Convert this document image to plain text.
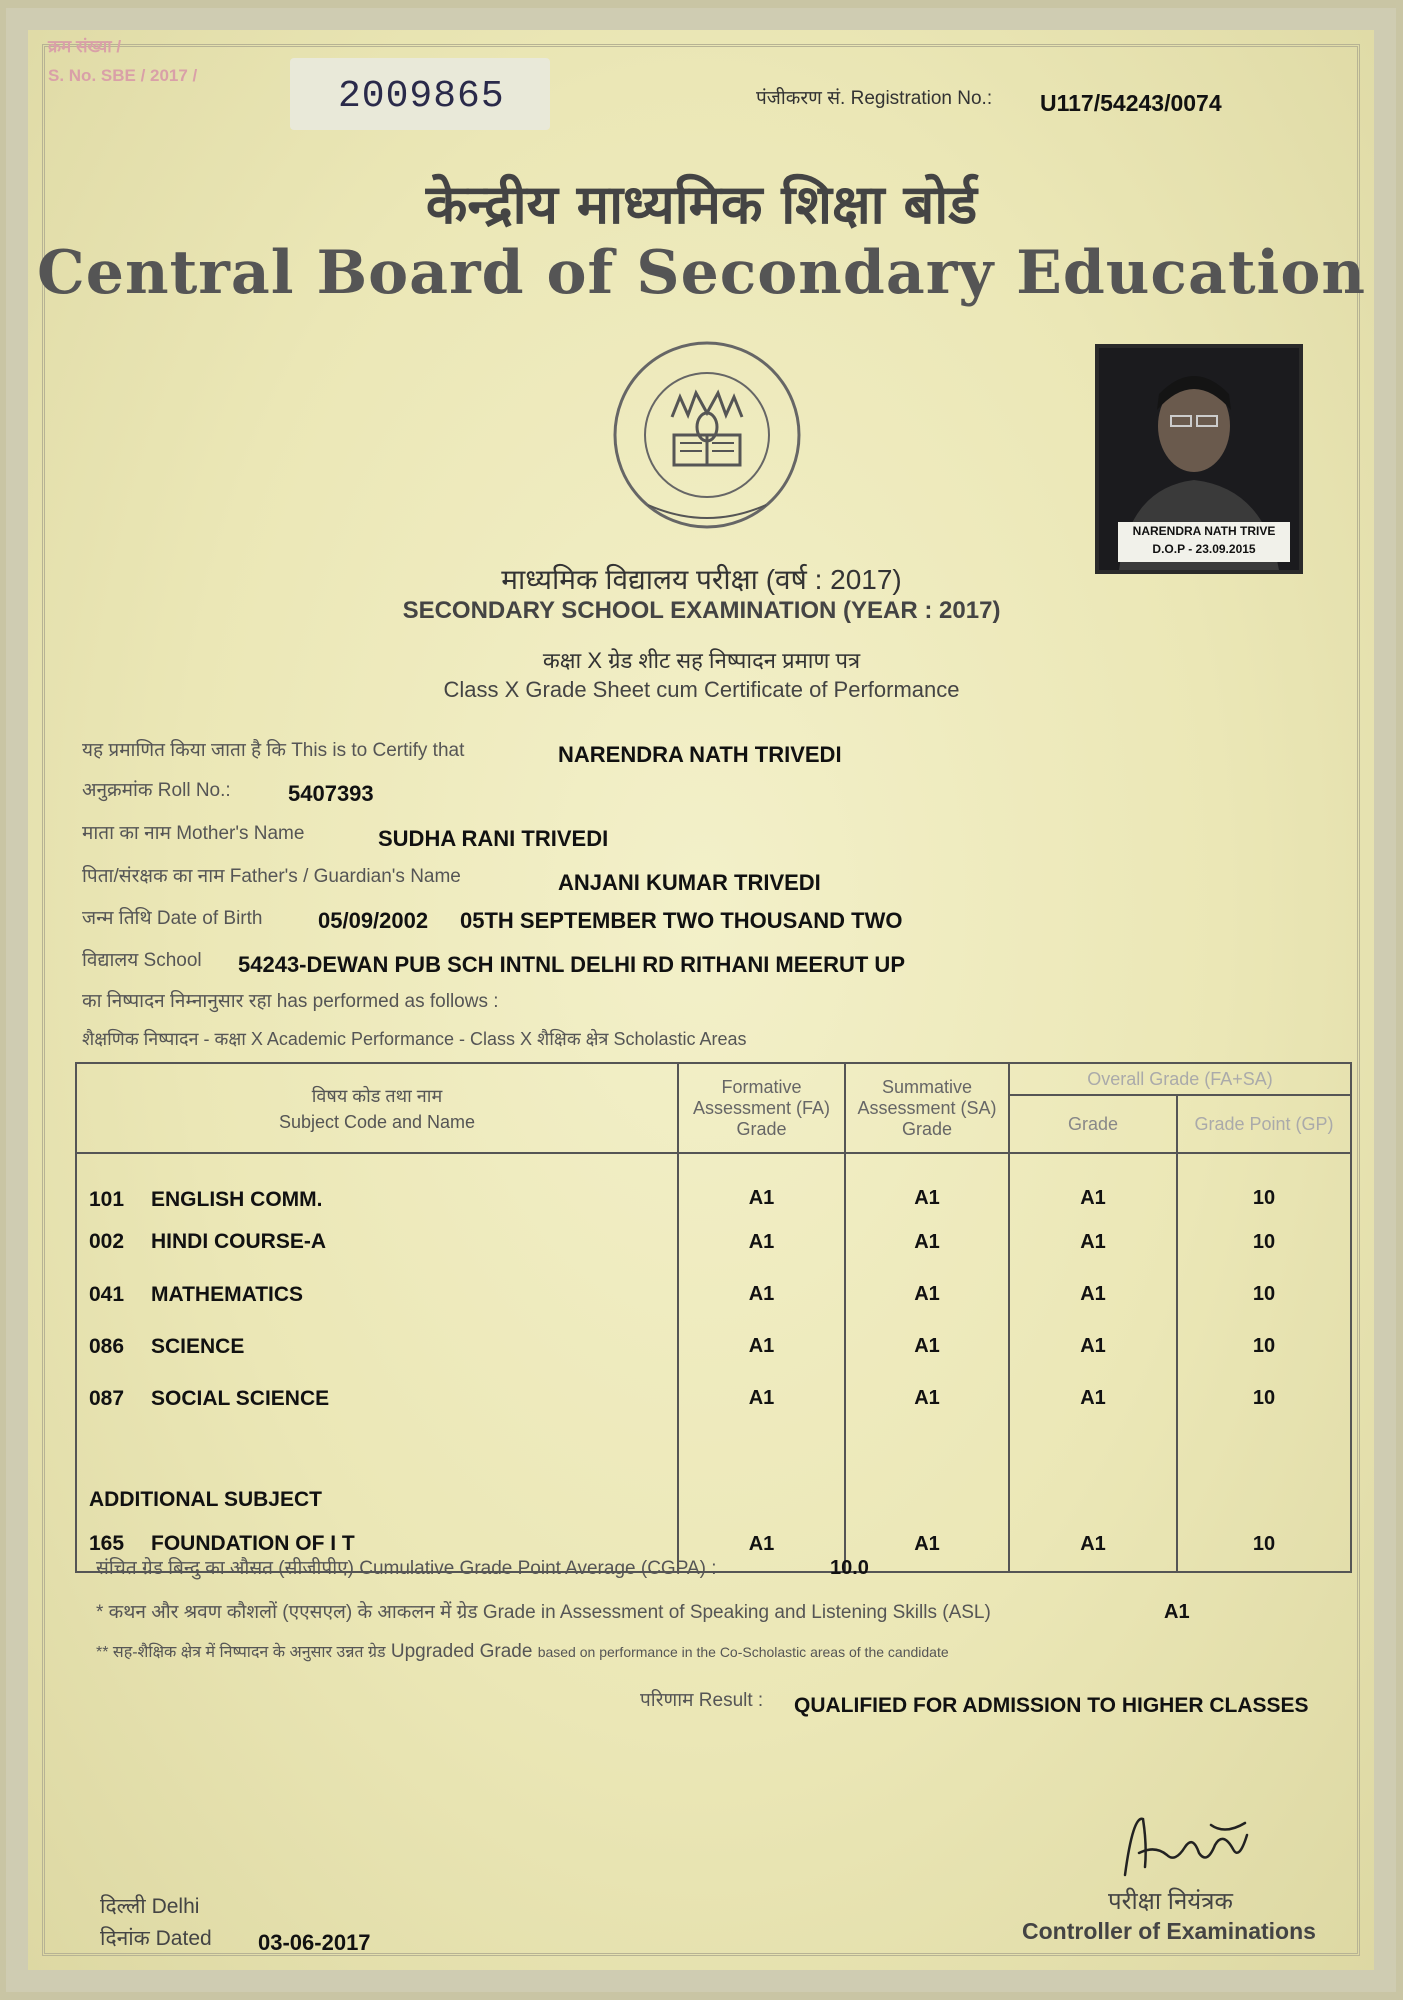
क्रम संख्या /
S. No. SBE / 2017 /	2009865	पंजीकरण सं. Registration No.: U117/54243/0074
केन्द्रीय माध्यमिक शिक्षा बोर्ड
Central Board of Secondary Education
NARENDRA NATH TRIVE
D.O.P - 23.09.2015
माध्यमिक विद्यालय परीक्षा (वर्ष : 2017)
SECONDARY SCHOOL EXAMINATION (YEAR : 2017)
कक्षा X ग्रेड शीट सह निष्पादन प्रमाण पत्र
Class X Grade Sheet cum Certificate of Performance
यह प्रमाणित किया जाता है कि This is to Certify that	NARENDRA NATH TRIVEDI
अनुक्रमांक Roll No.:	5407393
माता का नाम Mother's Name	SUDHA RANI TRIVEDI
पिता/संरक्षक का नाम Father's / Guardian's Name	ANJANI KUMAR TRIVEDI
जन्म तिथि Date of Birth	05/09/2002 05TH SEPTEMBER TWO THOUSAND TWO
विद्यालय School 54243-DEWAN PUB SCH INTNL DELHI RD RITHANI MEERUT UP
का निष्पादन निम्नानुसार रहा has performed as follows :
शैक्षणिक निष्पादन - कक्षा X Academic Performance - Class X शैक्षिक क्षेत्र Scholastic Areas
विषय कोड तथा नाम
Subject Code and Name	Formative Assessment (FA) Grade	Summative Assessment (SA) Grade	Overall Grade (FA+SA)	
			Grade	Grade Point (GP)
101 ENGLISH COMM.	A1	A1	A1	10
002 HINDI COURSE-A	A1	A1	A1	10
041 MATHEMATICS	A1	A1	A1	10
086 SCIENCE	A1	A1	A1	10
087 SOCIAL SCIENCE	A1	A1	A1	10
ADDITIONAL SUBJECT				
165 FOUNDATION OF I T	A1	A1	A1	10
संचित ग्रेड बिन्दु का औसत (सीजीपीए) Cumulative Grade Point Average (CGPA) :	10.0
* कथन और श्रवण कौशलों (एएसएल) के आकलन में ग्रेड Grade in Assessment of Speaking and Listening Skills (ASL)	A1
** सह-शैक्षिक क्षेत्र में निष्पादन के अनुसार उन्नत ग्रेड Upgraded Grade based on performance in the Co-Scholastic areas of the candidate
परिणाम Result : QUALIFIED FOR ADMISSION TO HIGHER CLASSES
दिल्ली Delhi
दिनांक Dated 03-06-2017
परीक्षा नियंत्रक
Controller of Examinations
